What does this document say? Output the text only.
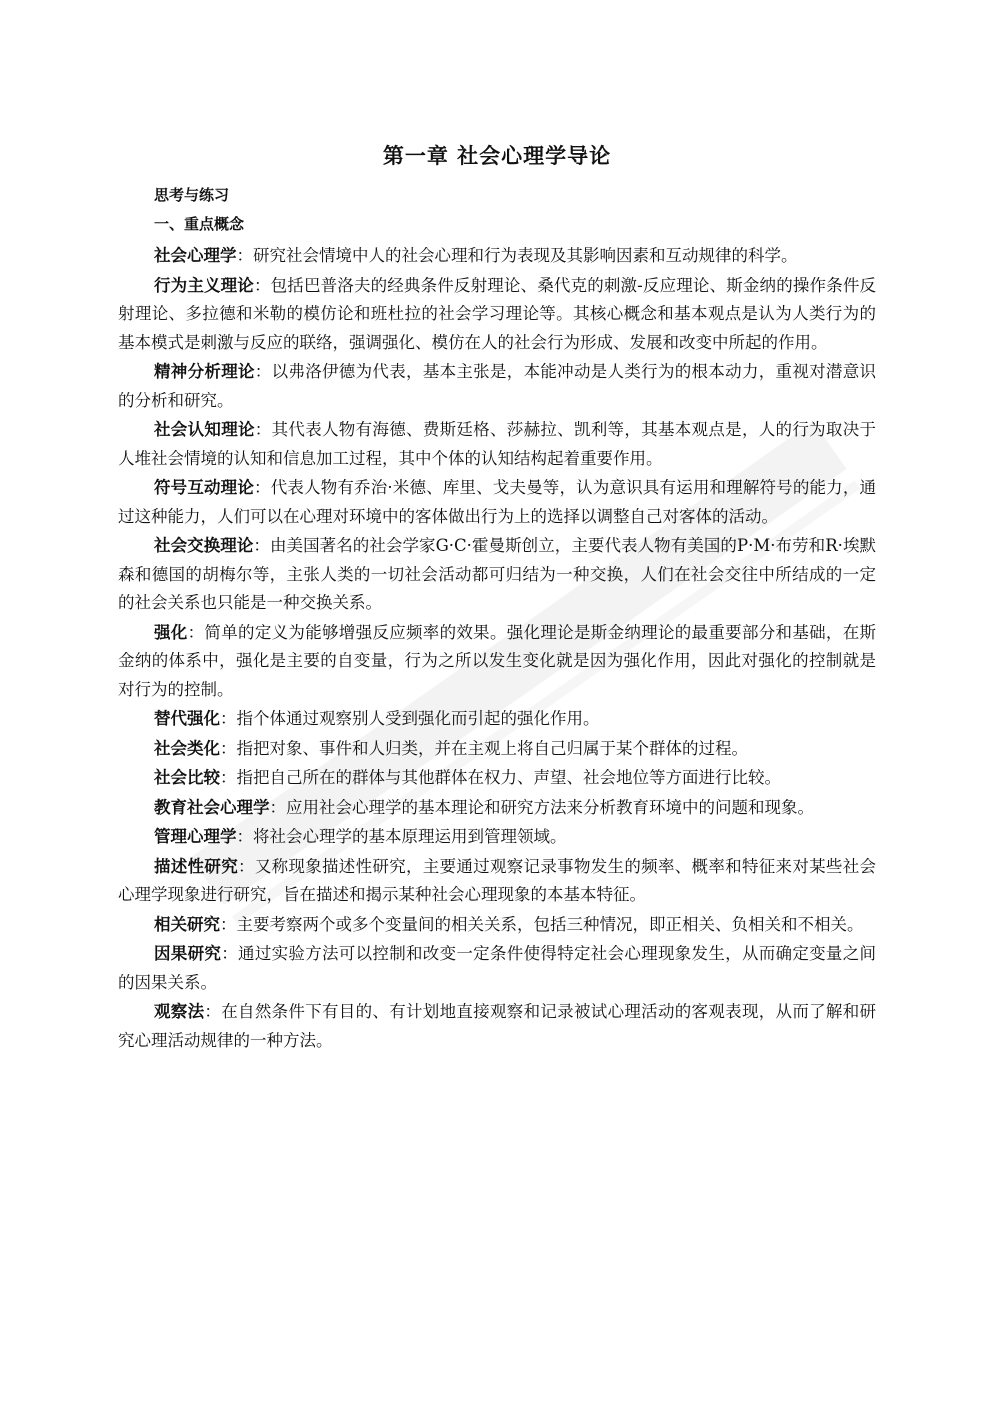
第一章 社会心理学导论
思考与练习
一、重点概念

社会心理学：研究社会情境中人的社会心理和行为表现及其影响因素和互动规律的科学。

行为主义理论：包括巴普洛夫的经典条件反射理论、桑代克的刺激-反应理论、斯金纳的操作条件反射理论、多拉德和米勒的模仿论和班杜拉的社会学习理论等。其核心概念和基本观点是认为人类行为的基本模式是刺激与反应的联络，强调强化、模仿在人的社会行为形成、发展和改变中所起的作用。

精神分析理论：以弗洛伊德为代表，基本主张是，本能冲动是人类行为的根本动力，重视对潜意识的分析和研究。

社会认知理论：其代表人物有海德、费斯廷格、莎赫拉、凯利等，其基本观点是，人的行为取决于人堆社会情境的认知和信息加工过程，其中个体的认知结构起着重要作用。

符号互动理论：代表人物有乔治·米德、库里、戈夫曼等，认为意识具有运用和理解符号的能力，通过这种能力，人们可以在心理对环境中的客体做出行为上的选择以调整自己对客体的活动。

社会交换理论：由美国著名的社会学家G·C·霍曼斯创立，主要代表人物有美国的P·M·布劳和R·埃默森和德国的胡梅尔等，主张人类的一切社会活动都可归结为一种交换，人们在社会交往中所结成的一定的社会关系也只能是一种交换关系。

强化：简单的定义为能够增强反应频率的效果。强化理论是斯金纳理论的最重要部分和基础，在斯金纳的体系中，强化是主要的自变量，行为之所以发生变化就是因为强化作用，因此对强化的控制就是对行为的控制。

替代强化：指个体通过观察别人受到强化而引起的强化作用。

社会类化：指把对象、事件和人归类，并在主观上将自己归属于某个群体的过程。

社会比较：指把自己所在的群体与其他群体在权力、声望、社会地位等方面进行比较。

教育社会心理学：应用社会心理学的基本理论和研究方法来分析教育环境中的问题和现象。

管理心理学：将社会心理学的基本原理运用到管理领域。

描述性研究：又称现象描述性研究，主要通过观察记录事物发生的频率、概率和特征来对某些社会心理学现象进行研究，旨在描述和揭示某种社会心理现象的本基本特征。

相关研究：主要考察两个或多个变量间的相关关系，包括三种情况，即正相关、负相关和不相关。

因果研究：通过实验方法可以控制和改变一定条件使得特定社会心理现象发生，从而确定变量之间的因果关系。

观察法：在自然条件下有目的、有计划地直接观察和记录被试心理活动的客观表现，从而了解和研究心理活动规律的一种方法。
